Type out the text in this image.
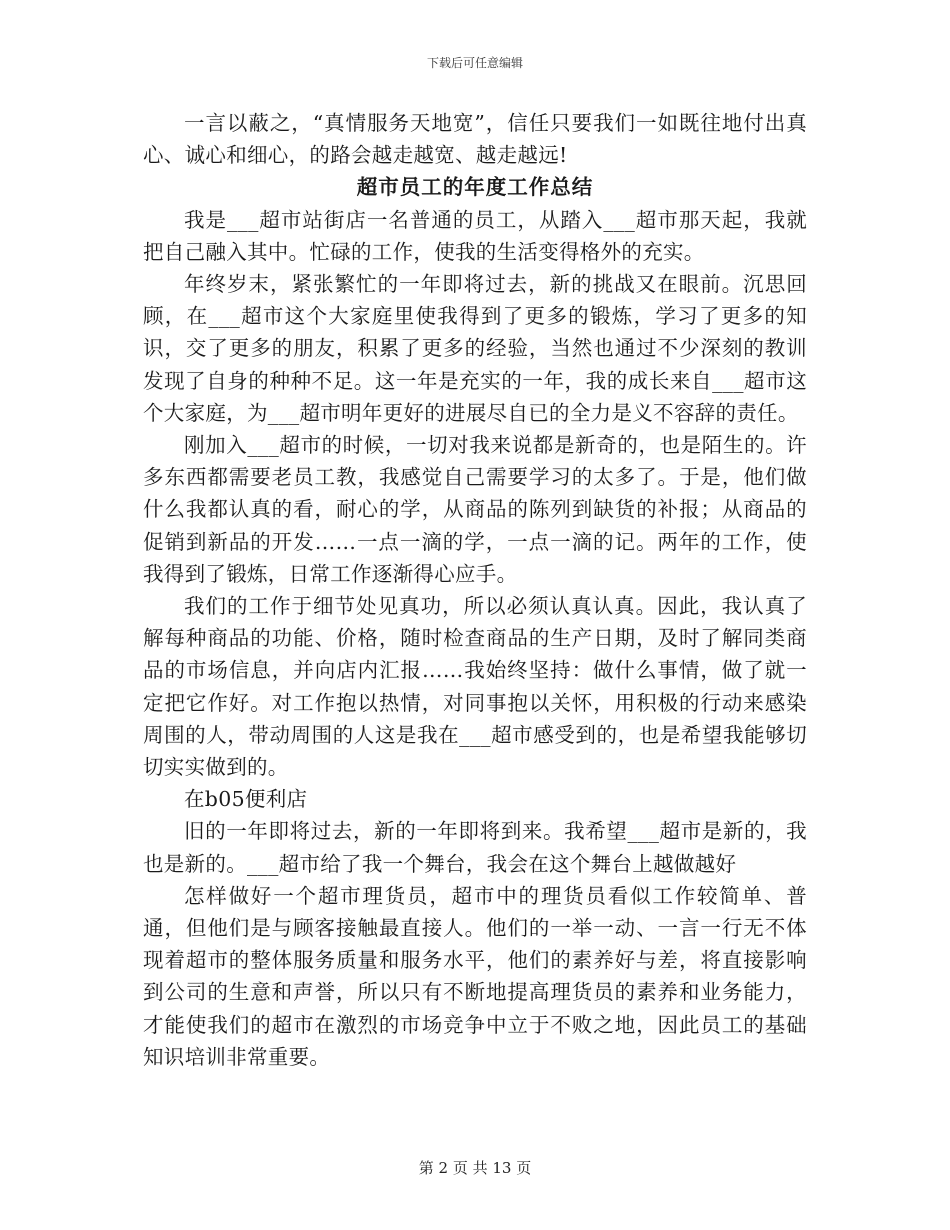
下载后可任意编辑

一言以蔽之，“真情服务天地宽”，信任只要我们一如既往地付出真心、诚心和细心，的路会越走越宽、越走越远!

超市员工的年度工作总结

我是___超市站街店一名普通的员工，从踏入___超市那天起，我就把自己融入其中。忙碌的工作，使我的生活变得格外的充实。

年终岁末，紧张繁忙的一年即将过去，新的挑战又在眼前。沉思回顾，在___超市这个大家庭里使我得到了更多的锻炼，学习了更多的知识，交了更多的朋友，积累了更多的经验，当然也通过不少深刻的教训发现了自身的种种不足。这一年是充实的一年，我的成长来自___超市这个大家庭，为___超市明年更好的进展尽自已的全力是义不容辞的责任。

刚加入___超市的时候，一切对我来说都是新奇的，也是陌生的。许多东西都需要老员工教，我感觉自己需要学习的太多了。于是，他们做什么我都认真的看，耐心的学，从商品的陈列到缺货的补报；从商品的促销到新品的开发……一点一滴的学，一点一滴的记。两年的工作，使我得到了锻炼，日常工作逐渐得心应手。

我们的工作于细节处见真功，所以必须认真认真。因此，我认真了解每种商品的功能、价格，随时检查商品的生产日期，及时了解同类商品的市场信息，并向店内汇报……我始终坚持：做什么事情，做了就一定把它作好。对工作抱以热情，对同事抱以关怀，用积极的行动来感染周围的人，带动周围的人这是我在___超市感受到的，也是希望我能够切切实实做到的。

在b05便利店

旧的一年即将过去，新的一年即将到来。我希望___超市是新的，我也是新的。___超市给了我一个舞台，我会在这个舞台上越做越好

怎样做好一个超市理货员，超市中的理货员看似工作较简单、普通，但他们是与顾客接触最直接人。他们的一举一动、一言一行无不体现着超市的整体服务质量和服务水平，他们的素养好与差，将直接影响到公司的生意和声誉，所以只有不断地提高理货员的素养和业务能力，才能使我们的超市在激烈的市场竞争中立于不败之地，因此员工的基础知识培训非常重要。

第 2 页 共 13 页
